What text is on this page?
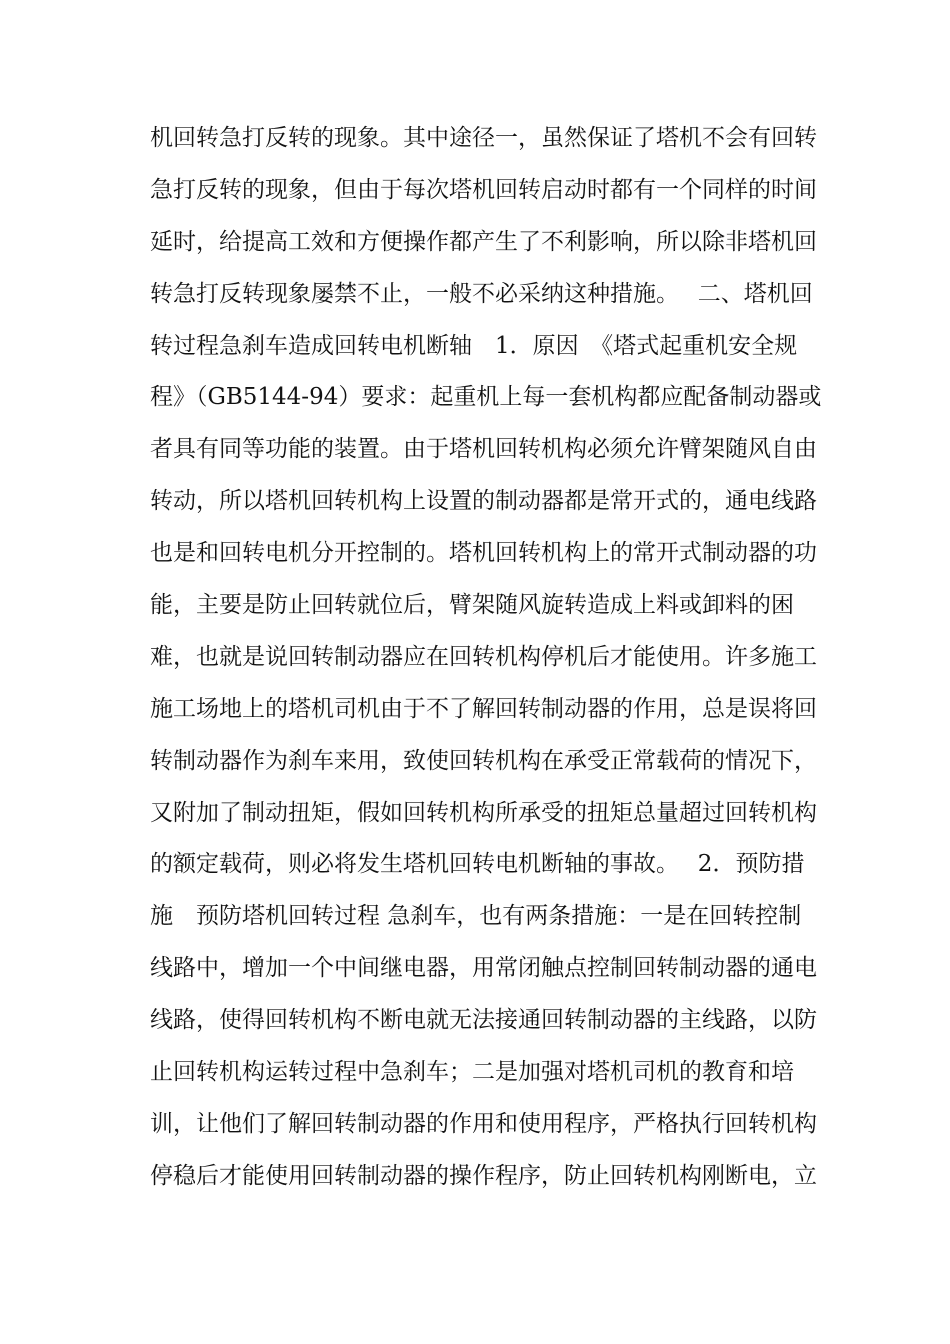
机回转急打反转的现象。其中途径一，虽然保证了塔机不会有回转
急打反转的现象，但由于每次塔机回转启动时都有一个同样的时间
延时，给提高工效和方便操作都产生了不利影响，所以除非塔机回
转急打反转现象屡禁不止，一般不必采纳这种措施。　 二、塔机回
转过程急刹车造成回转电机断轴　1．原因　《塔式起重机安全规
程》（GB5144-94）要求：起重机上每一套机构都应配备制动器或
者具有同等功能的装置。由于塔机回转机构必须允许臂架随风自由
转动，所以塔机回转机构上设置的制动器都是常开式的，通电线路
也是和回转电机分开控制的。塔机回转机构上的常开式制动器的功
能，主要是防止回转就位后，臂架随风旋转造成上料或卸料的困
难，也就是说回转制动器应在回转机构停机后才能使用。许多施工
施工场地上的塔机司机由于不了解回转制动器的作用，总是误将回
转制动器作为刹车来用，致使回转机构在承受正常载荷的情况下，
又附加了制动扭矩，假如回转机构所承受的扭矩总量超过回转机构
的额定载荷，则必将发生塔机回转电机断轴的事故。　 2．预防措
施　预防塔机回转过程 急刹车，也有两条措施：一是在回转控制
线路中，增加一个中间继电器，用常闭触点控制回转制动器的通电
线路，使得回转机构不断电就无法接通回转制动器的主线路，以防
止回转机构运转过程中急刹车；二是加强对塔机司机的教育和培
训，让他们了解回转制动器的作用和使用程序，严格执行回转机构
停稳后才能使用回转制动器的操作程序，防止回转机构刚断电，立
